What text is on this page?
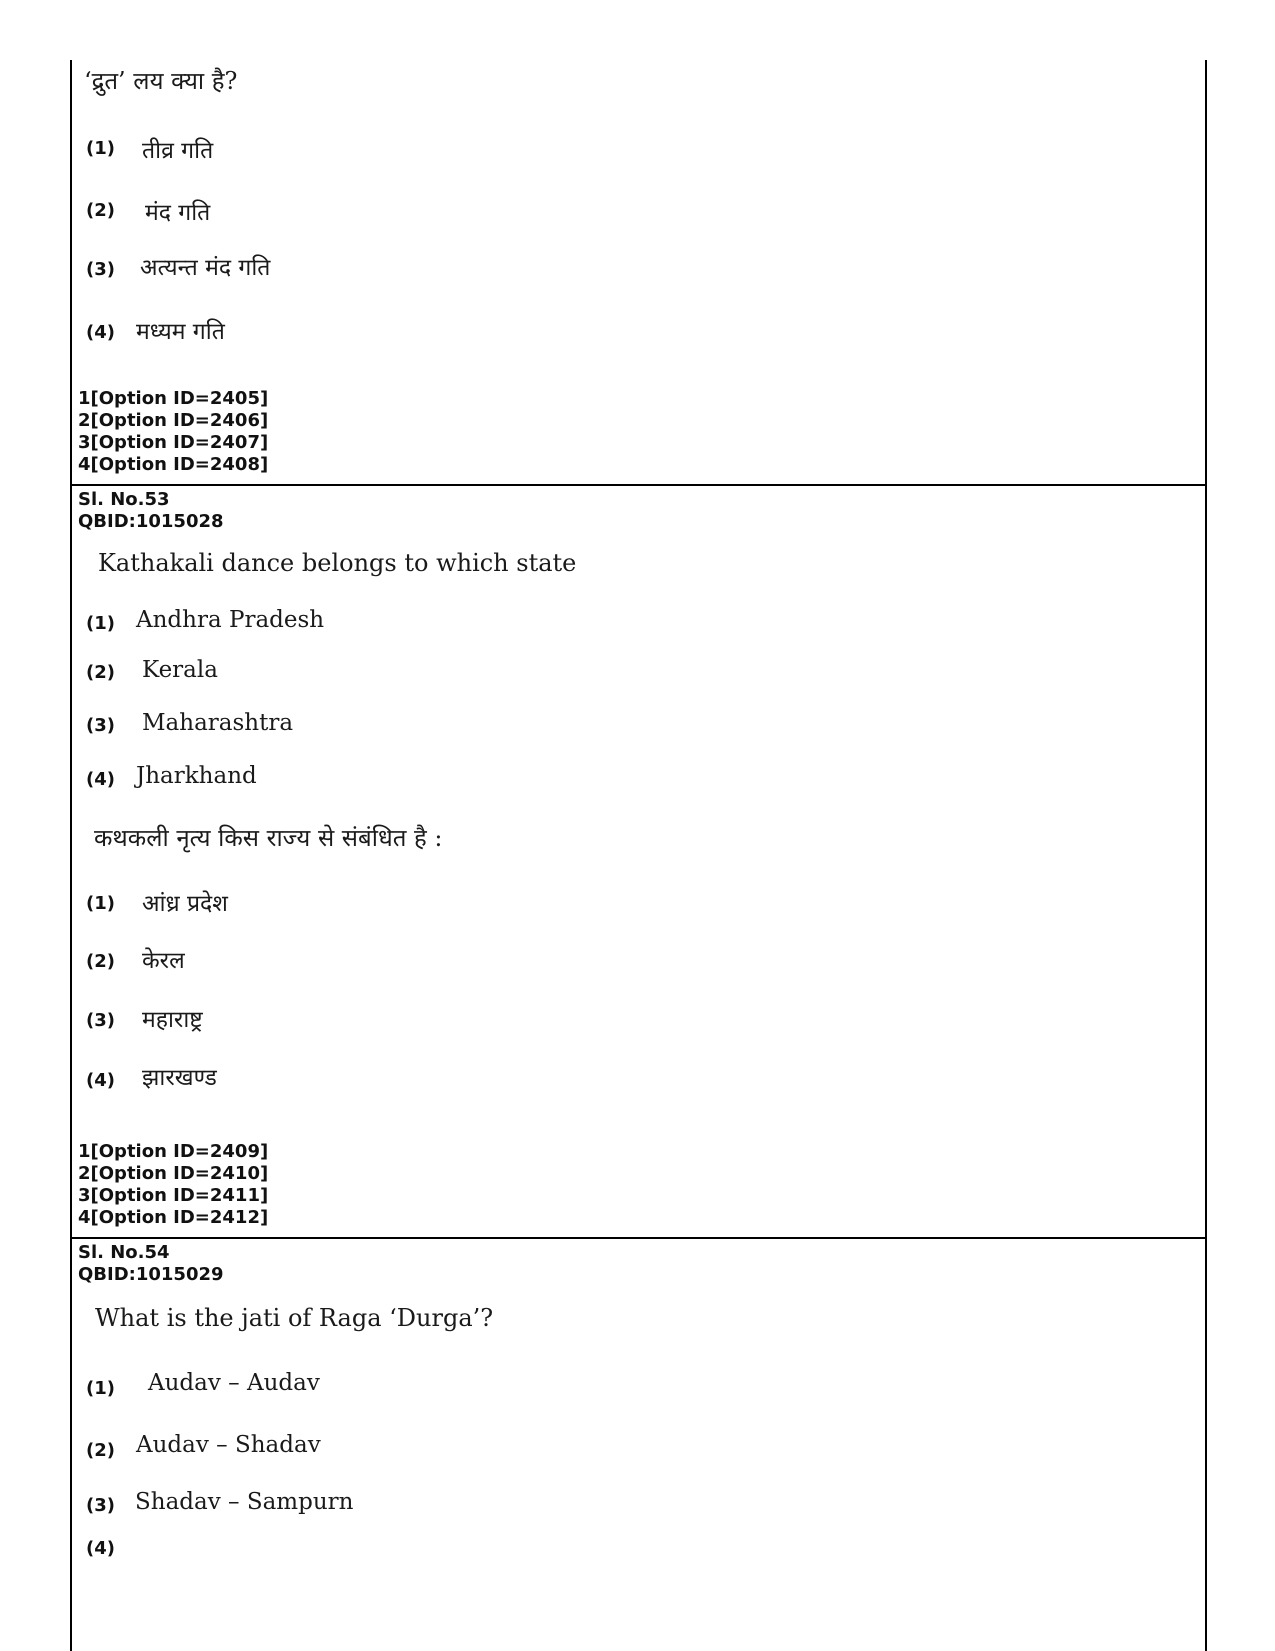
‘द्रुत’ लय क्या है?
(1) तीव्र गति
(2) मंद गति
(3) अत्यन्त मंद गति
(4) मध्यम गति
1[Option ID=2405]
2[Option ID=2406]
3[Option ID=2407]
4[Option ID=2408]
Sl. No.53
QBID:1015028
Kathakali dance belongs to which state
(1) Andhra Pradesh
(2) Kerala
(3) Maharashtra
(4) Jharkhand
कथकली नृत्य किस राज्य से संबंधित है :
(1) आंध्र प्रदेश
(2) केरल
(3) महाराष्ट्र
(4) झारखण्ड
1[Option ID=2409]
2[Option ID=2410]
3[Option ID=2411]
4[Option ID=2412]
Sl. No.54
QBID:1015029
What is the jati of Raga ‘Durga’?
(1) Audav – Audav
(2) Audav – Shadav
(3) Shadav – Sampurn
(4)
